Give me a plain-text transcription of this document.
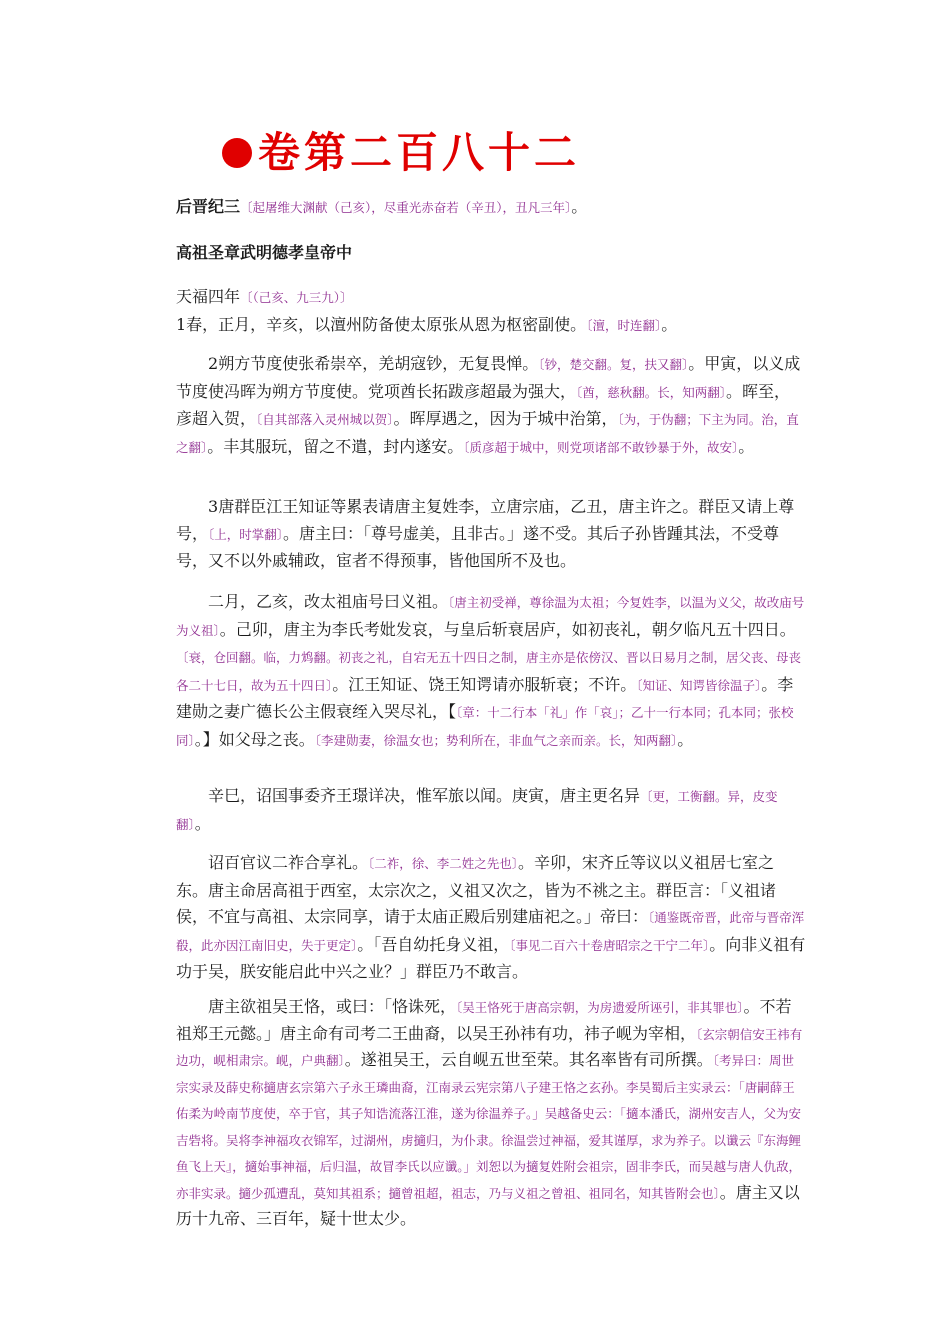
卷第二百八十二
后晋纪三〔起屠维大渊献（己亥），尽重光赤奋若（辛丑），丑凡三年〕。
高祖圣章武明德孝皇帝中

天福四年〔（己亥、九三九）〕

1春，正月，辛亥，以澶州防备使太原张从恩为枢密副使。〔澶，时连翻〕。

　　2朔方节度使张希崇卒，羌胡寇钞，无复畏惮。〔钞，楚交翻。复，扶又翻〕。甲寅，以义成节度使冯晖为朔方节度使。党项酋长拓跋彦超最为强大，〔酋，慈秋翻。长，知两翻〕。晖至，彦超入贺，〔自其部落入灵州城以贺〕。晖厚遇之，因为于城中治第，〔为，于伪翻；下主为同。治，直之翻〕。丰其服玩，留之不遣，封内遂安。〔质彦超于城中，则党项诸部不敢钞暴于外，故安〕。

　　3唐群臣江王知证等累表请唐主复姓李，立唐宗庙，乙丑，唐主许之。群臣又请上尊号，〔上，时掌翻〕。唐主曰：「尊号虚美，且非古。」遂不受。其后子孙皆踵其法，不受尊号，又不以外戚辅政，宦者不得预事，皆他国所不及也。

　　二月，乙亥，改太祖庙号曰义祖。〔唐主初受禅，尊徐温为太祖；今复姓李，以温为义父，故改庙号为义祖〕。己卯，唐主为李氏考妣发哀，与皇后斩衰居庐，如初丧礼，朝夕临凡五十四日。〔衰，仓回翻。临，力鸩翻。初丧之礼，自宕无五十四日之制，唐主亦是依傍汉、晋以日易月之制，居父丧、母丧各二十七日，故为五十四日〕。江王知证、饶王知谔请亦服斩衰；不许。〔知证、知谔皆徐温子〕。李建勋之妻广德长公主假衰绖入哭尽礼，【〔章：十二行本「礼」作「哀」；乙十一行本同；孔本同；张校同〕。】如父母之丧。〔李建勋妻，徐温女也；势利所在，非血气之亲而亲。长，知两翻〕。

　　辛巳，诏国事委齐王璟详决，惟军旅以闻。庚寅，唐主更名异〔更，工衡翻。异，皮变翻〕。

　　诏百官议二祚合享礼。〔二祚，徐、李二姓之先也〕。辛卯，宋齐丘等议以义祖居七室之东。唐主命居高祖于西室，太宗次之，义祖又次之，皆为不祧之主。群臣言：「义祖诸侯，不宜与高祖、太宗同享，请于太庙正殿后别建庙祀之。」帝曰：〔通鉴既帝晋，此帝与晋帝浑殽，此亦因江南旧史，失于更定〕。「吾自幼托身义祖，〔事见二百六十卷唐昭宗之干宁二年〕。向非义祖有功于吴，朕安能启此中兴之业？」群臣乃不敢言。

　　唐主欲祖吴王恪，或曰：「恪诛死，〔吴王恪死于唐高宗朝，为房遗爱所诬引，非其罪也〕。不若祖郑王元懿。」唐主命有司考二王曲裔，以吴王孙祎有功，祎子岘为宰相，〔玄宗朝信安王祎有边功，岘相肃宗。岘，户典翻〕。遂祖吴王，云自岘五世至荣。其名率皆有司所撰。〔考异曰：周世宗实录及薛史称擿唐玄宗第六子永王璘曲裔，江南录云宪宗第八子建王恪之玄孙。李昊蜀后主实录云：「唐嗣薛王佑柔为岭南节度使，卒于官，其子知诰流落江淮，遂为徐温养子。」吴越备史云：「擿本潘氏，湖州安吉人，父为安吉砦将。吴将李神福攻衣锦军，过湖州，虏擿归，为仆隶。徐温尝过神福，爱其谨厚，求为养子。以谶云『东海鲤鱼飞上天』，擿始事神福，后归温，故冒李氏以应谶。」刘恕以为擿复姓附会祖宗，固非李氏，而吴越与唐人仇敌，亦非实录。擿少孤遭乱，莫知其祖系；擿曾祖超，祖志，乃与义祖之曾祖、祖同名，知其皆附会也〕。唐主又以历十九帝、三百年，疑十世太少。
